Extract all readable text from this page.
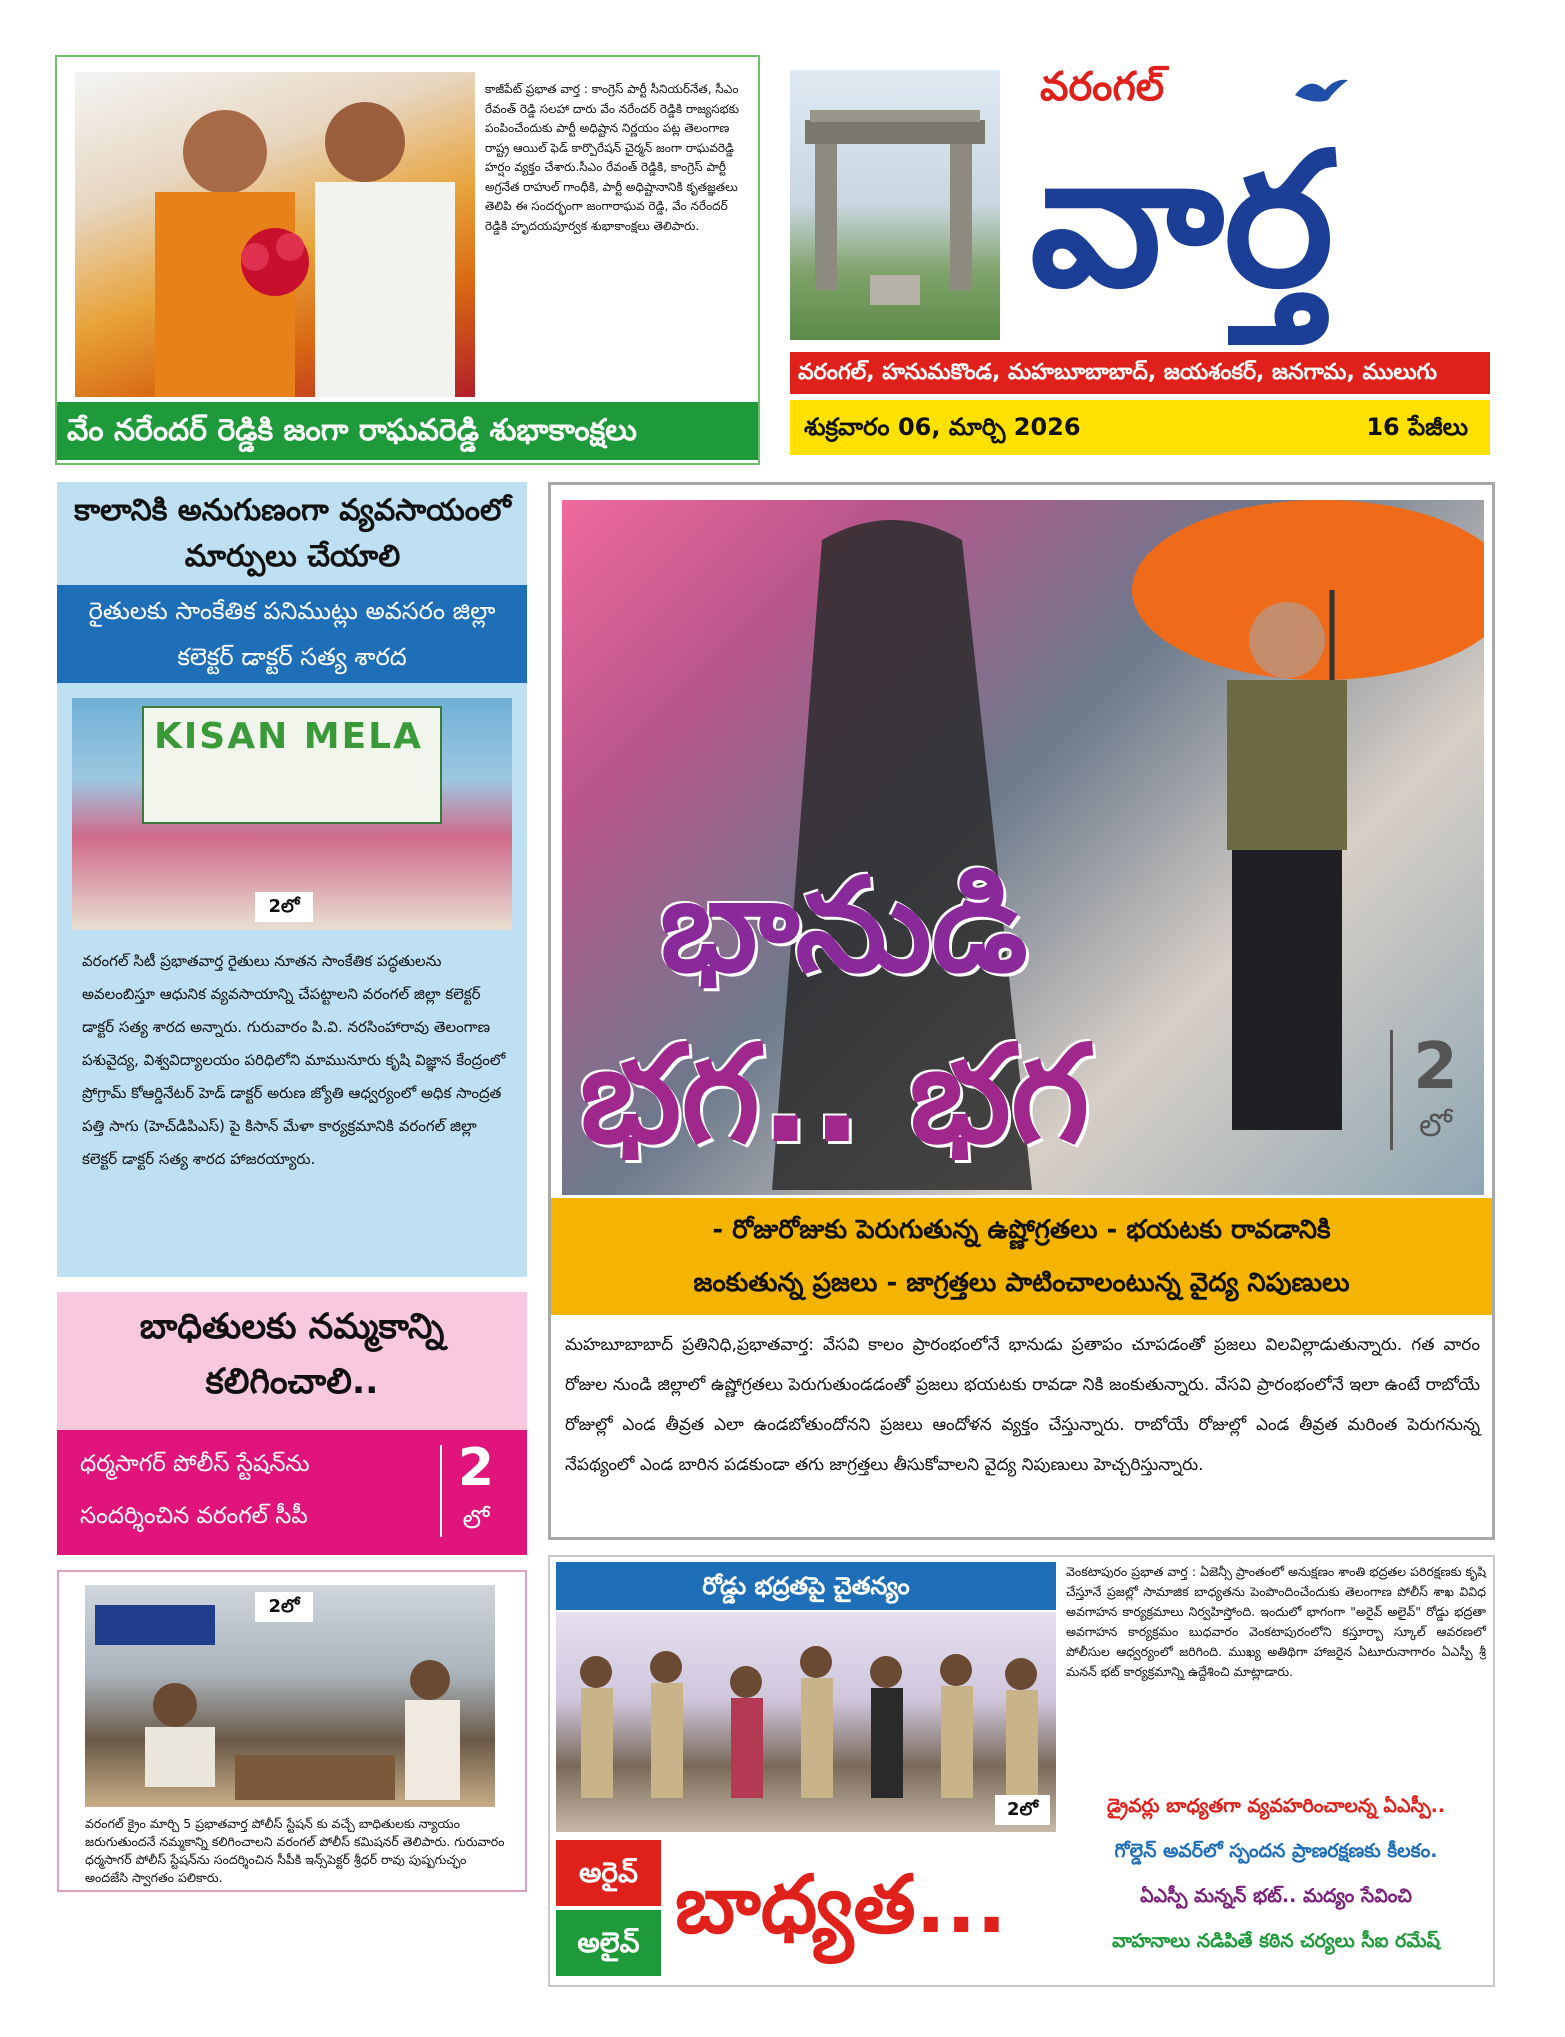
కాజీపేట్ ప్రభాత వార్త : కాంగ్రెస్ పార్టీ సీనియర్‌నేత, సీఎం రేవంత్ రెడ్డి సలహా దారు వేం నరేందర్ రెడ్డికి రాజ్యసభకు పంపించేందుకు పార్టీ అధిష్టాన నిర్ణయం పట్ల తెలంగాణ రాష్ట్ర ఆయిల్ ఫెడ్ కార్పొరేషన్ చైర్మన్ జంగా రాఘవరెడ్డి హర్షం వ్యక్తం చేశారు.సీఎం రేవంత్ రెడ్డికి, కాంగ్రెస్ పార్టీ అగ్రనేత రాహుల్ గాంధీకి, పార్టీ అధిష్టానానికి కృతజ్ఞతలు తెలిపి ఈ సందర్భంగా జంగారాఘవ రెడ్డి, వేం నరేందర్ రెడ్డికి హృదయపూర్వక శుభాకాంక్షలు తెలిపారు.
వేం నరేందర్ రెడ్డికి జంగా రాఘవరెడ్డి శుభాకాంక్షలు
వరంగల్
వార్త
వరంగల్, హనుమకొండ, మహబూబాబాద్, జయశంకర్, జనగామ, ములుగు
శుక్రవారం 06, మార్చి 2026	16 పేజీలు
కాలానికి అనుగుణంగా వ్యవసాయంలో మార్పులు చేయాలి
రైతులకు సాంకేతిక పనిముట్లు అవసరం జిల్లా కలెక్టర్ డాక్టర్ సత్య శారద
KISAN MELA
2లో
వరంగల్ సిటీ ప్రభాతవార్త రైతులు నూతన సాంకేతిక పద్ధతులను అవలంబిస్తూ ఆధునిక వ్యవసాయాన్ని చేపట్టాలని వరంగల్ జిల్లా కలెక్టర్ డాక్టర్ సత్య శారద అన్నారు. గురువారం పి.వి. నరసింహారావు తెలంగాణ పశువైద్య, విశ్వవిద్యాలయం పరిధిలోని మామునూరు కృషి విజ్ఞాన కేంద్రంలో ప్రోగ్రామ్ కోఆర్డినేటర్ హెడ్ డాక్టర్ అరుణ జ్యోతి ఆధ్వర్యంలో అధిక సాంద్రత పత్తి సాగు (హెచ్‌డిపిఎస్) పై కిసాన్ మేళా కార్యక్రమానికి వరంగల్ జిల్లా కలెక్టర్ డాక్టర్ సత్య శారద హాజరయ్యారు.
బాధితులకు నమ్మకాన్ని కలిగించాలి..
ధర్మసాగర్ పోలీస్ స్టేషన్‌ను సందర్శించిన వరంగల్ సీపీ
2
లో
2లో
వరంగల్ క్రైం మార్చి 5 ప్రభాతవార్త పోలీస్ స్టేషన్ కు వచ్చే బాధితులకు న్యాయం జరుగుతుందనే నమ్మకాన్ని కలిగించాలని వరంగల్ పోలీస్ కమిషనర్ తెలిపారు. గురువారం ధర్మసాగర్ పోలీస్ స్టేషన్‌ను సందర్శించిన సీపీకి ఇన్స్‌పెక్టర్ శ్రీధర్ రావు పుష్పగుచ్ఛం అందజేసి స్వాగతం పలికారు.
భానుడి
భగ.. భగ	2
లో
- రోజురోజుకు పెరుగుతున్న ఉష్ణోగ్రతలు - భయటకు రావడానికి
జంకుతున్న ప్రజలు - జాగ్రత్తలు పాటించాలంటున్న వైద్య నిపుణులు
మహబూబాబాద్ ప్రతినిధి,ప్రభాతవార్త: వేసవి కాలం ప్రారంభంలోనే భానుడు ప్రతాపం చూపడంతో ప్రజలు విలవిల్లాడుతున్నారు. గత వారం రోజుల నుండి జిల్లాలో ఉష్ణోగ్రతలు పెరుగుతుండడంతో ప్రజలు భయటకు రావడా నికి జంకుతున్నారు. వేసవి ప్రారంభంలోనే ఇలా ఉంటే రాబోయే రోజుల్లో ఎండ తీవ్రత ఎలా ఉండబోతుందోనని ప్రజలు ఆందోళన వ్యక్తం చేస్తున్నారు. రాబోయే రోజుల్లో ఎండ తీవ్రత మరింత పెరుగనున్న నేపథ్యంలో ఎండ బారిన పడకుండా తగు జాగ్రత్తలు తీసుకోవాలని వైద్య నిపుణులు హెచ్చరిస్తున్నారు.
రోడ్డు భద్రతపై చైతన్యం
అరైవ్
అలైవ్ బాధ్యత...
2లో
వెంకటాపురం ప్రభాత వార్త : ఏజెన్సీ ప్రాంతంలో అనుక్షణం శాంతి భద్రతల పరిరక్షణకు కృషి చేస్తూనే ప్రజల్లో సామాజిక బాధ్యతను పెంపొందించేందుకు తెలంగాణ పోలీస్ శాఖ వివిధ అవగాహన కార్యక్రమాలు నిర్వహిస్తోంది. ఇందులో భాగంగా "అరైవ్ అలైవ్" రోడ్డు భద్రతా అవగాహన కార్యక్రమం బుధవారం వెంకటాపురంలోని కస్తూర్బా స్కూల్ ఆవరణలో పోలీసుల ఆధ్వర్యంలో జరిగింది. ముఖ్య అతిథిగా హాజరైన ఏటూరునాగారం ఏఎస్పీ శ్రీ మనన్ భట్ కార్యక్రమాన్ని ఉద్దేశించి మాట్లాడారు.
డ్రైవర్లు బాధ్యతగా వ్యవహరించాలన్న ఏఎస్పీ..
గోల్డెన్ అవర్‌లో స్పందన ప్రాణరక్షణకు కీలకం.
ఏఎస్పీ మన్నన్ భట్.. మద్యం సేవించి
వాహనాలు నడిపితే కఠిన చర్యలు సీఐ రమేష్
